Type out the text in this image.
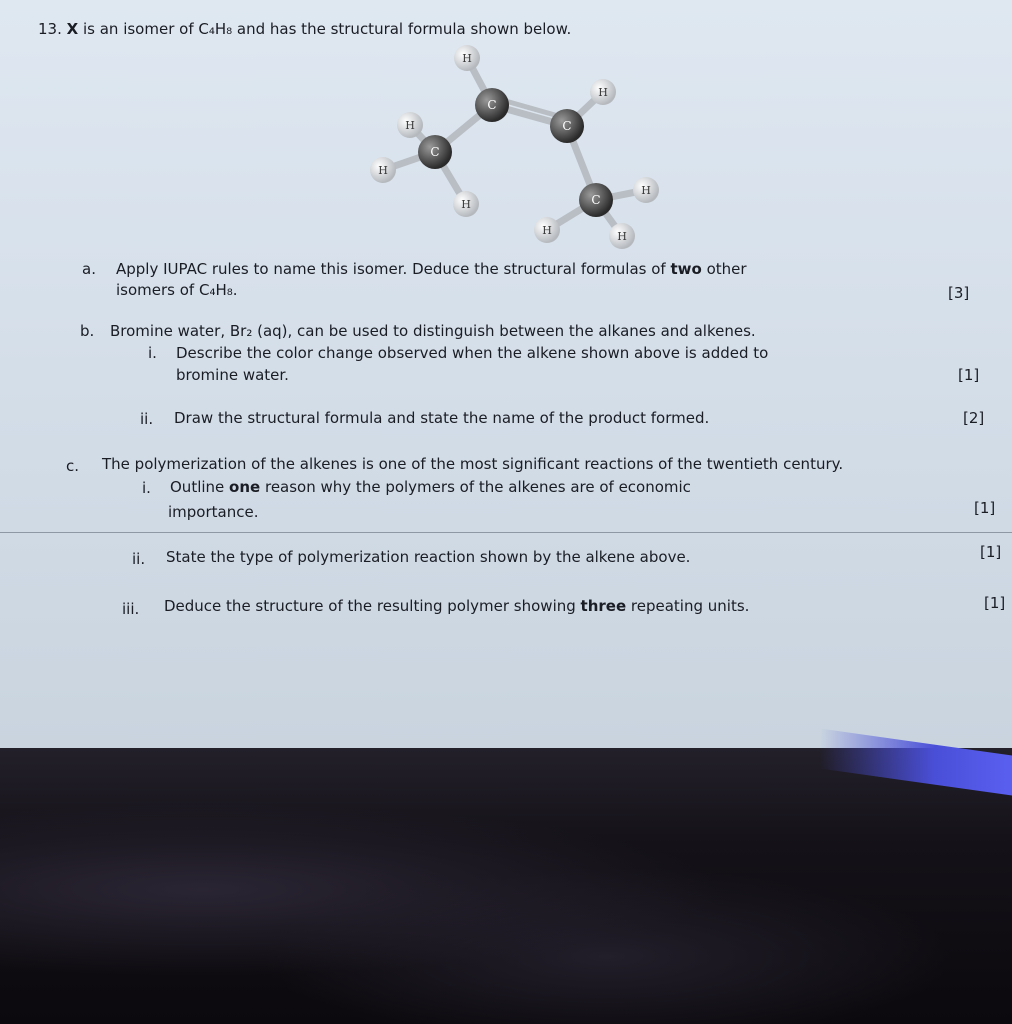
13. X is an isomer of C₄H₈ and has the structural formula shown below.
H
C
H
C
H
H
C
H	C
H
H	H
a. Apply IUPAC rules to name this isomer. Deduce the structural formulas of two other
isomers of C₄H₈.	[3]
b. Bromine water, Br₂ (aq), can be used to distinguish between the alkanes and alkenes.
i. Describe the color change observed when the alkene shown above is added to
bromine water.	[1]
ii. Draw the structural formula and state the name of the product formed.	[2]
c. The polymerization of the alkenes is one of the most significant reactions of the twentieth century.
i. Outline one reason why the polymers of the alkenes are of economic
importance.	[1]
ii. State the type of polymerization reaction shown by the alkene above.	[1]
iii. Deduce the structure of the resulting polymer showing three repeating units.	[1]
